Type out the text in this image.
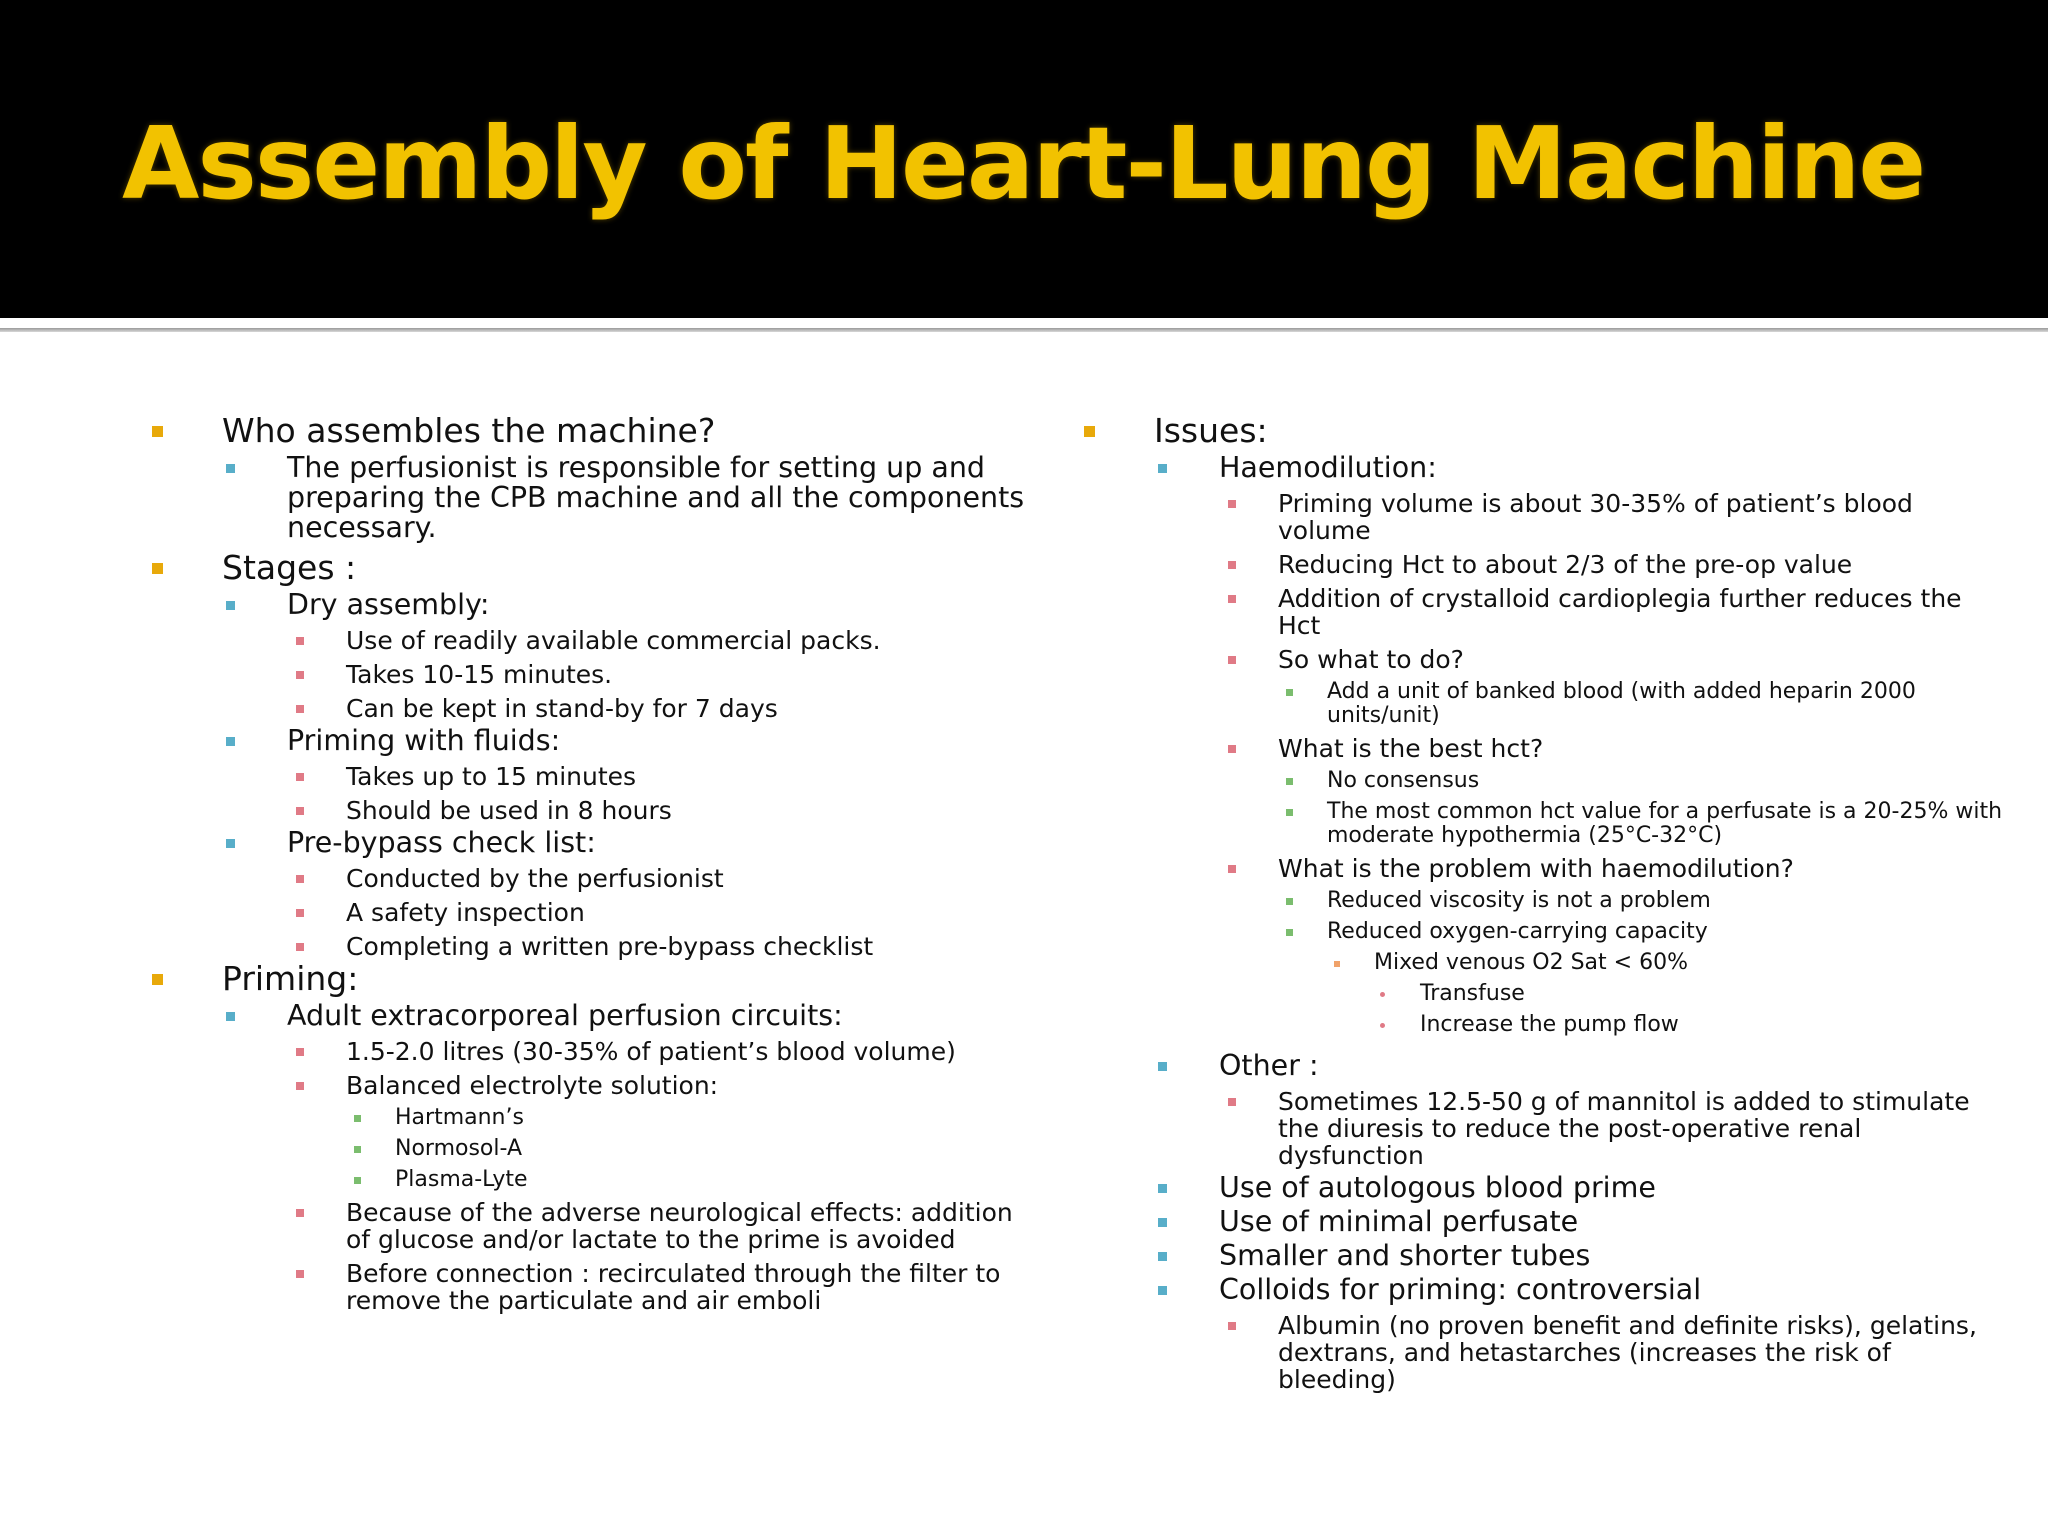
Assembly of Heart-Lung Machine
Who assembles the machine?
The perfusionist is responsible for setting up and preparing the CPB machine and all the components necessary.
Stages :
Dry assembly:
Use of readily available commercial packs.
Takes 10-15 minutes.
Can be kept in stand-by for 7 days
Priming with fluids:
Takes up to 15 minutes
Should be used in 8 hours
Pre-bypass check list:
Conducted by the perfusionist
A safety inspection
Completing a written pre-bypass checklist
Priming:
Adult extracorporeal perfusion circuits:
1.5-2.0 litres (30-35% of patient’s blood volume)
Balanced electrolyte solution:
Hartmann’s
Normosol-A
Plasma-Lyte
Because of the adverse neurological effects: addition of glucose and/or lactate to the prime is avoided
Before connection : recirculated through the filter to remove the particulate and air emboli
Issues:
Haemodilution:
Priming volume is about 30-35% of patient’s blood volume
Reducing Hct to about 2/3 of the pre-op value
Addition of crystalloid cardioplegia further reduces the Hct
So what to do?
Add a unit of banked blood (with added heparin 2000 units/unit)
What is the best hct?
No consensus
The most common hct value for a perfusate is a 20-25% with moderate hypothermia (25°C-32°C)
What is the problem with haemodilution?
Reduced viscosity is not a problem
Reduced oxygen-carrying capacity
Mixed venous O2 Sat < 60%
Transfuse
Increase the pump flow
Other :
Sometimes 12.5-50 g of mannitol is added to stimulate the diuresis to reduce the post-operative renal dysfunction
Use of autologous blood prime
Use of minimal perfusate
Smaller and shorter tubes
Colloids for priming: controversial
Albumin (no proven benefit and definite risks), gelatins, dextrans, and hetastarches (increases the risk of bleeding)
